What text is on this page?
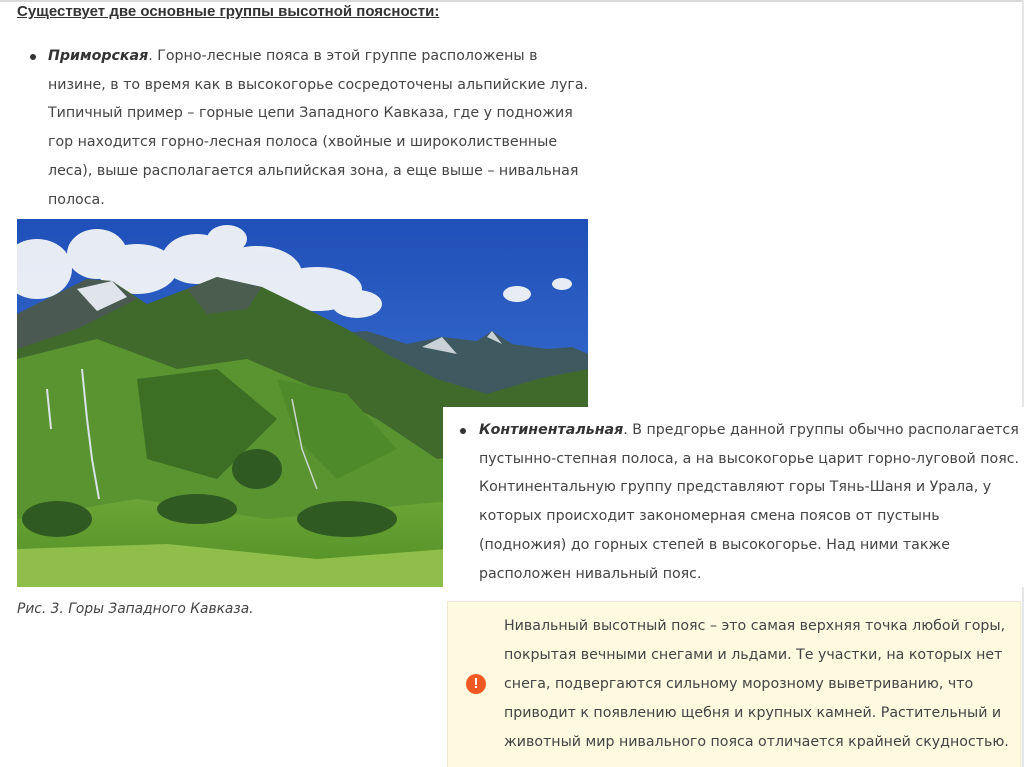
Существует две основные группы высотной поясности:
Приморская. Горно-лесные пояса в этой группе расположены в низине, в то время как в высокогорье сосредоточены альпийские луга. Типичный пример – горные цепи Западного Кавказа, где у подножия гор находится горно-лесная полоса (хвойные и широколиственные леса), выше располагается альпийская зона, а еще выше – нивальная полоса.
Континентальная. В предгорье данной группы обычно располагается пустынно-степная полоса, а на высокогорье царит горно-луговой пояс. Континентальную группу представляют горы Тянь-Шаня и Урала, у которых происходит закономерная смена поясов от пустынь (подножия) до горных степей в высокогорье. Над ними также расположен нивальный пояс.
Рис. 3. Горы Западного Кавказа.
!
Нивальный высотный пояс – это самая верхняя точка любой горы, покрытая вечными снегами и льдами. Те участки, на которых нет снега, подвергаются сильному морозному выветриванию, что приводит к появлению щебня и крупных камней. Растительный и животный мир нивального пояса отличается крайней скудностью.
